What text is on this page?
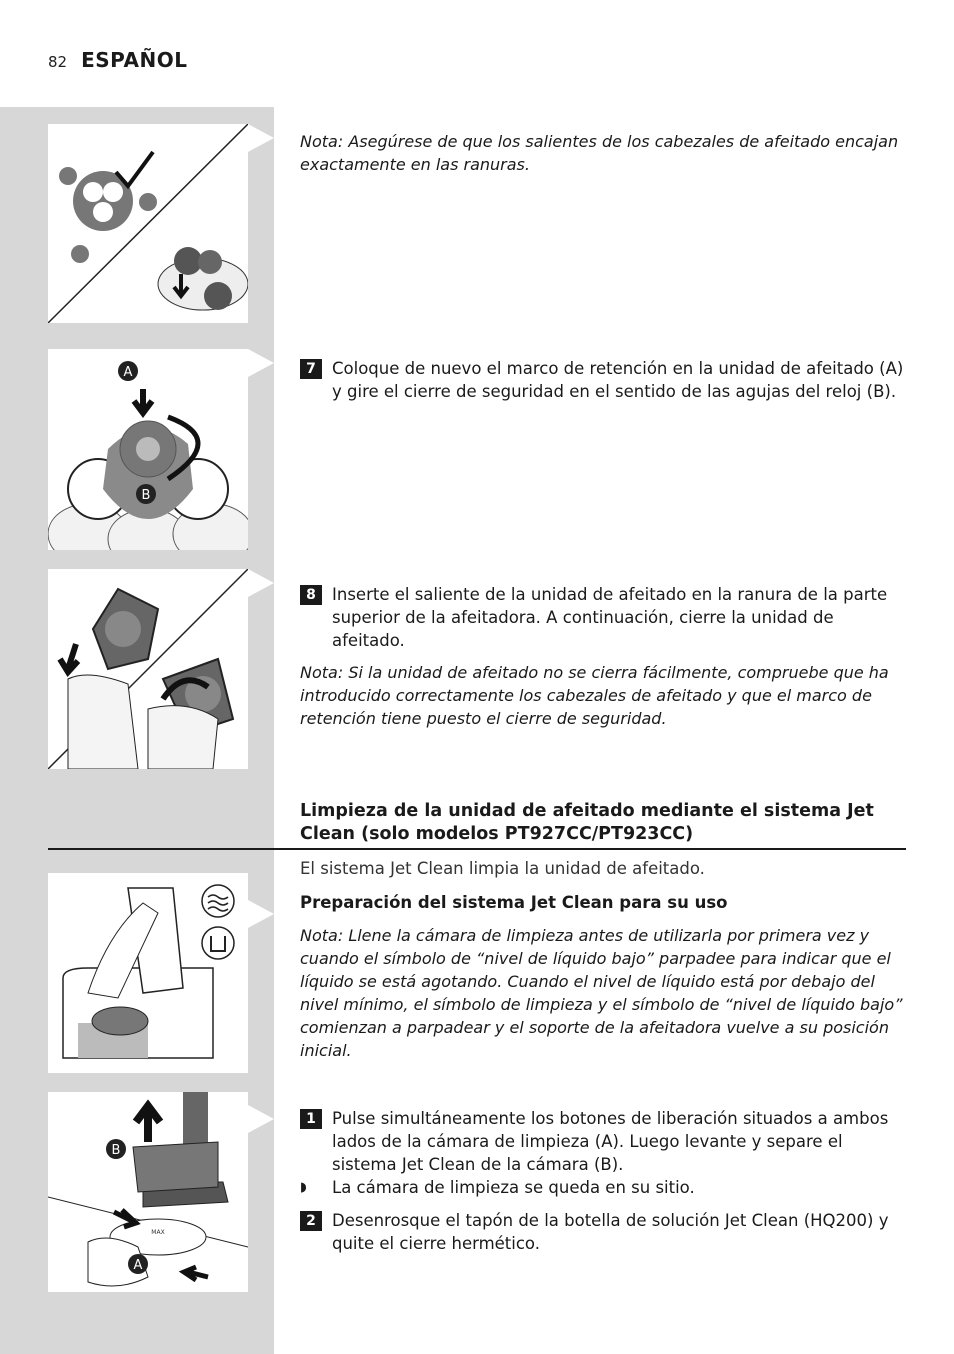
82 ESPAÑOL

Nota: Asegúrese de que los salientes de los cabezales de afeitado encajan exactamente en las ranuras.

A
B

7 Coloque de nuevo el marco de retención en la unidad de afeitado (A) y gire el cierre de seguridad en el sentido de las agujas del reloj (B).

8 Inserte el saliente de la unidad de afeitado en la ranura de la parte superior de la afeitadora. A continuación, cierre la unidad de afeitado.

Nota: Si la unidad de afeitado no se cierra fácilmente, compruebe que ha introducido correctamente los cabezales de afeitado y que el marco de retención tiene puesto el cierre de seguridad.

Limpieza de la unidad de afeitado mediante el sistema Jet Clean (solo modelos PT927CC/PT923CC)

El sistema Jet Clean limpia la unidad de afeitado.

Preparación del sistema Jet Clean para su uso

Nota: Llene la cámara de limpieza antes de utilizarla por primera vez y cuando el símbolo de “nivel de líquido bajo” parpadee para indicar que el líquido se está agotando. Cuando el nivel de líquido está por debajo del nivel mínimo, el símbolo de limpieza y el símbolo de “nivel de líquido bajo” comienzan a parpadear y el soporte de la afeitadora vuelve a su posición inicial.

B
MAX
A

1 Pulse simultáneamente los botones de liberación situados a ambos lados de la cámara de limpieza (A). Luego levante y separe el sistema Jet Clean de la cámara (B).

◗	La cámara de limpieza se queda en su sitio.

2 Desenrosque el tapón de la botella de solución Jet Clean (HQ200) y quite el cierre hermético.
